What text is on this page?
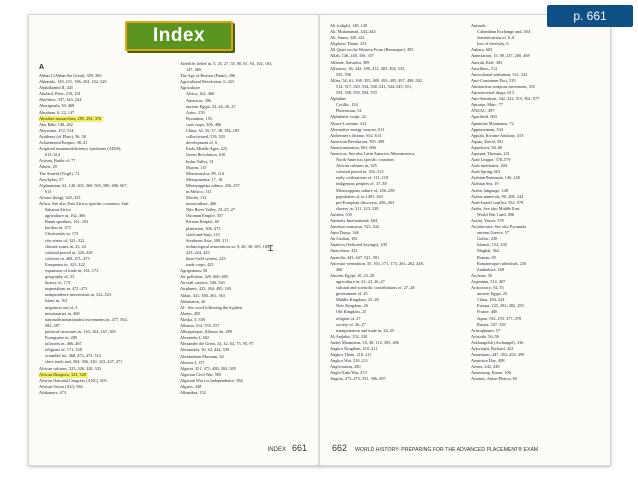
Index
A
Abbas I (Abbas the Great), 359–360
Abbasids, 149–151, 186, 204, 232, 320
Abdulhamid II, 445
Abelard, Peter, 219, 231
Abolition, 337, 343–344
Aboriginals, 30, 468
Abraham, 6, 22, 147
Absolute monarchies, 285, 292, 376
Abu Bakr, 148, 282
Abyssinia, 472, 514
Academy (of Plato), 56, 58
Achaemenid Empire, 38–41
Acquired immunodeficiency syndrome (AIDS),
613–614
Actium, Battle of, 77
Adults, 29
The Aeneid (Virgil), 72
Aeschylus, 57
Afghanistan, 62, 148, 203, 360, 565, 580, 606, 607,
613
Afonso (king), 320, 325
Africa. See also East Africa; specific countries; Sub-
Saharan Africa
agriculture in, 162, 466
Bantu speakers, 161–163
borders in, 473
Christianity in, 173
city-states of, 321–322
climate zones in, 23, 24
colonial period in, 320–328
colonies in, 468, 471–473
Europeans in, 321–322
expansion of trade in, 161–173
geography of, 23
history of, 173
imperialism in, 471–473
independence movements in, 522–523
Islam in, 161
migration out of, 3
missionaries in, 468
nationalism/nationalist movements in, 477, 502,
582–587
political structures in, 163–164, 167–169
Portuguese in, 289
railroads in, 466–467
religions of, 171, 328
scramble for, 468, 472–473, 514
slave trade and, 304, 306, 320, 323–327, 471
African cultures, 325–326, 328, 523
African Diaspora, 323, 328
African National Congress (ANC), 603
African Union (AU), 584
Afrikaners, 473
Afterlife, belief in, 5, 25, 27, 35, 80, 81, 94, 102, 103,
147, 469
The Age of Reason (Paine), 396
Agricultural Revolution, 6, 423
Agriculture
Africa, 162, 466
Americas, 306
ancient Egypt, 23–24, 26–27
Aztec, 259
Byzantine, 155
cash crops, 306, 466
China, 34, 35, 37, 38, 184–185
collectivized, 518, 555
development of, 6
Early Middle Ages, 223
Green Revolution, 610
Indus Valley, 31
Mayan, 115
Mesoamerica, 98, 114
Mesopotamia, 17, 18
Mississippian culture, 256–257
in Mexico, 111
Moche, 112
monoculture, 466
Nile River Valley, 23–25, 27
Ottoman Empire, 357
Persian Empire, 40
plantation, 306, 473
slash-and-burn, 115
Southeast Asia, 209, 211
technological innovations in, 9, 20, 38, 105, 185,
223–224, 423
three-field system, 223
trade crops, 425
Agrigentum, 58
Air pollution, 429, 600, 605
Aircraft carriers, 540, 543
Airplanes, 423, 484, 485, 543
Akbar, 341, 360–361, 363
Akhenaton, 26
Al-. See word following the hyphen.
Alamo, 405
Alaska, 3, 339
Albania, 514, 555–557
Albuquerque, Alfonso de, 289
Alexander I, 402
Alexander the Great, 32, 42, 64, 75, 95, 97
Alexandria, 50, 62, 444, 539
Alexandrian Museum, 62
Alexius I, 157
Algeria, 351, 471, 480, 584–585
Algerian Civil War, 585
Algerian War for Independence, 584
Algiers, 448
Alhambra, 152
INDEX 661
Ali (caliph), 148–149
Ali, Muhammad, 443–444
Ali, Sunni, 320–321
Alighieri, Dante, 233
All Quiet on the Western Front (Remarque), 495
Allah, 146–148, 356, 357
Allende, Salvador, 589
Alliances, 36, 242, 390, 412, 483, 494, 535,
555, 556
Allies, 54, 61, 168, 355, 489, 493–495, 497, 498–502,
514, 517, 520, 534, 538–541, 544–545, 551,
554, 558, 559, 594, 570
Alphabet
Cyrillic, 154
Phoenician, 54
Alphabetic script, 22
Alsace-Lorraine, 412
Alternative energy sources, 611
Alzheimer's disease, 612, 614
American Revolution, 395–399
Americanization, 601, 606
Americas. See also Latin America; Mesoamerica;
North America; specific countries
African cultures in, 325
colonial period in, 302–313
early civilizations of, 111–118
indigenous peoples of, 37–38
Mississippian culture of, 256–258
population of, in 1491, 263
pre-European discovery, 256–263
slavery in, 311, 323–328
Amiens, 535
Amnesty International, 604
Amritsar massacre, 521–522
Amu Darya, 346
An Lushan, 182
Analects (Selected Sayings), 100
Anarchism, 432
Anatolia, 443, 447, 521, 581
Ancestor veneration, 35, 163, 171, 173, 261–262, 448,
460
Ancient Egypt, 10, 23–29
agriculture in, 23–24, 26–27
cultural and scientific contributions of, 27–28
government of, 25
Middle Kingdom, 25–26
New Kingdom, 26
Old Kingdom, 25
religion of, 27
society of, 26–27
transportation and trade in, 24–25
Al-Andalus, 152, 230
Andes Mountains, 10, 38, 112, 305, 406
Angkor Kingdom, 210–211
Angkor Thom, 210, 211
Angkor Wat, 210–211
Anglicanism, 280
Anglo-Zulu War, 473
Angola, 473–475, 551, 586–587
Animals
Columbian Exchange and, 304
domestication of, 6–8
loss of diversity, 6
Ankara, 603
Annexation, 15, 88, 237, 260, 469
Anorak, Rolf, 383
Anschluss, 512
Anticolonial sentiment, 521, 522
Anti-Comintern Pact, 535
Antinuclear weapons movement, 555
Antiretroviral drugs, 613
Anti-Semitism, 342, 412, 515, 561, 577
Antonio, Marc, 77
ANZAC, 497
Apartheid, 603
Apennine Mountains, 72
Appeasement, 534
Appiah, Kwame Anthony, 413
Aquae, David, 591
Aqueducts, 84–86
Aquinas, Thomas, 231
Arab League, 578–579
Arab merchants, 204
Arab Spring, 601
Arabian Peninsula, 146–148
Arabian Sea, 19
Arabic language, 148
Arabic numerals, 90, 208, 244
Arab-Israeli conflict, 552, 578
Arabs. See also Middle East
World War I and, 496
Arafat, Yasser, 578
Architecture. See also Pyramids
ancient Greece, 57
Gothic, 230
Islamic, 152, 230
Mughal, 362
Roman, 85
Romanesque cathedrals, 230
Zimbabwe, 169
Archons, 50
Argentina, 514, 407
Aristocracy, 54, 55
ancient Egypt, 25
China, 184, 224
Europe, 225, 281, 282, 293
France, 400
Japan, 192–193, 377–378
Russia, 337, 339
Aristophanes, 57
Aristotle, 56–58
Arkhangelsk (Archangel), 336
Arkwright, Richard, 422
Armenians, 447, 453–454, 499
Armistice Day, 488
Armor, 242, 248
Armstrong, Karen, 106
Artemis, Anton Pleiros, 65
662 WORLD HISTORY: PREPARING FOR THE ADVANCED PLACEMENT® EXAM
⌶
p. 661
